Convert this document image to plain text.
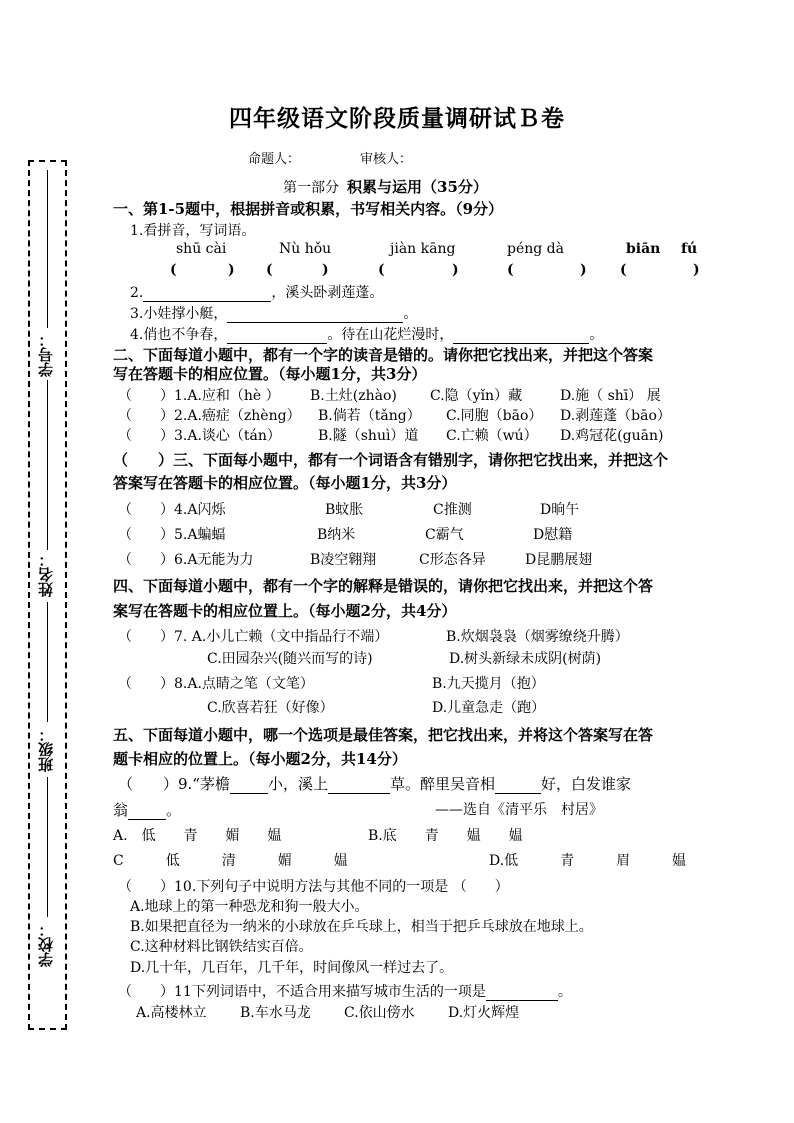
学号：
姓名：
班级：
学校：
四年级语文阶段质量调研试Ｂ卷
命题人：	审核人：
第一部分 积累与运用（35分）
一、第1-5题中，根据拼音或积累，书写相关内容。（9分）
1.看拼音，写词语。
shū cài	Nù hǒu	jiàn kāng	péng dà	biān fú
(	) (	)	(	)	(	) (	)
2.	，溪头卧剥莲蓬。
3.小娃撑小艇，	。
4.俏也不争春，	。待在山花烂漫时，	。
二、下面每道小题中，都有一个字的读音是错的。请你把它找出来，并把这个答案
写在答题卡的相应位置。（每小题1分，共3分）
（　　）1.A.应和（hè ） B.土灶(zhào) C.隐（yǐn）藏	D.施（ shī） 展
（　　）2.A.癌症（zhèng） B.倘若（tǎng） C.同胞（bāo） D.剥莲蓬（bāo）
（　　）3.A.谈心（tán）	B.隧（shuì）道 C.亡赖（wú） D.鸡冠花(guān)
（　　）三、下面每小题中，都有一个词语含有错别字，请你把它找出来，并把这个
答案写在答题卡的相应位置。（每小题1分，共3分）
（　　）4.A闪烁	B蚊胀	C推测	D晌午
（　　）5.A蝙蝠	B纳米	C霸气	D慰籍
（　　）6.A无能为力	B凌空翱翔	C形态各异	D昆鹏展翅
四、下面每道小题中，都有一个字的解释是错误的，请你把它找出来，并把这个答
案写在答题卡的相应位置上。（每小题2分，共4分）
（　　）7. A.小儿亡赖（文中指品行不端）	B.炊烟袅袅（烟雾缭绕升腾）
C.田园杂兴(随兴而写的诗)	D.树头新绿未成阴(树荫)
（　　）8.A.点睛之笔（文笔）	B.九天揽月（抱）
C.欣喜若狂（好像）	D.儿童急走（跑）
五、下面每道小题中，哪一个选项是最佳答案，把它找出来，并将这个答案写在答
题卡相应的位置上。（每小题2分，共14分）
（　　）9.“茅檐	小，溪上	草。醉里吴音相	好，白发谁家
翁	。	——选自《清平乐　村居》
A.　低　　青　　媚　　媪	B.底　　青　　媪　　媪
C　　　低　　　清　　　媚　　　媪	D.低　　　青　　　眉　　　媪
（　　）10.下列句子中说明方法与其他不同的一项是 （　　）
A.地球上的第一种恐龙和狗一般大小。
B.如果把直径为一纳米的小球放在乒乓球上，相当于把乒乓球放在地球上。
C.这种材料比钢铁结实百倍。
D.几十年，几百年，几千年，时间像风一样过去了。
（　　）11下列词语中，不适合用来描写城市生活的一项是	。
A.高楼林立 B.车水马龙 C.依山傍水 D.灯火辉煌
